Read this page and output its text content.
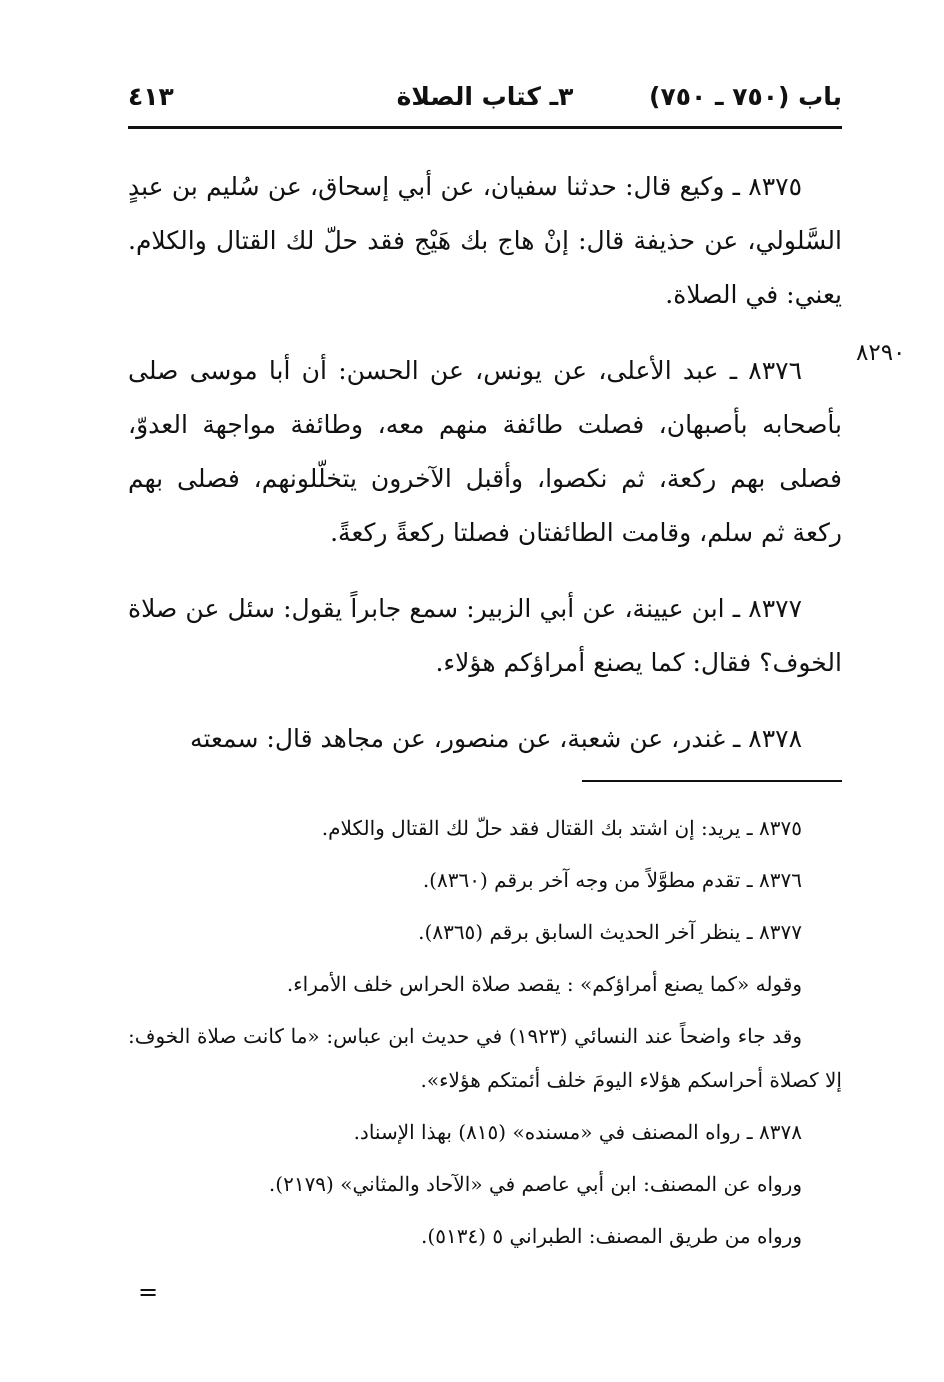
٤١٣	٣ـ كتاب الصلاة	باب (٧٥٠ ـ ٧٥٠)
٨٢٩٠

٨٣٧٥ ـ وكيع قال: حدثنا سفيان، عن أبي إسحاق، عن سُليم بن عبدٍ السَّلولي، عن حذيفة قال: إنْ هاج بك هَيْج فقد حلّ لك القتال والكلام. يعني: في الصلاة.

٨٣٧٦ ـ عبد الأعلى، عن يونس، عن الحسن: أن أبا موسى صلى بأصحابه بأصبهان، فصلت طائفة منهم معه، وطائفة مواجهة العدوّ، فصلى بهم ركعة، ثم نكصوا، وأقبل الآخرون يتخلّلونهم، فصلى بهم ركعة ثم سلم، وقامت الطائفتان فصلتا ركعةً ركعةً.

٨٣٧٧ ـ ابن عيينة، عن أبي الزبير: سمع جابراً يقول: سئل عن صلاة الخوف؟ فقال: كما يصنع أمراؤكم هؤلاء.

٨٣٧٨ ـ غندر، عن شعبة، عن منصور، عن مجاهد قال: سمعته

٨٣٧٥ ـ يريد: إن اشتد بك القتال فقد حلّ لك القتال والكلام.

٨٣٧٦ ـ تقدم مطوَّلاً من وجه آخر برقم (٨٣٦٠).

٨٣٧٧ ـ ينظر آخر الحديث السابق برقم (٨٣٦٥).

وقوله «كما يصنع أمراؤكم» : يقصد صلاة الحراس خلف الأمراء.

وقد جاء واضحاً عند النسائي (١٩٢٣) في حديث ابن عباس: «ما كانت صلاة الخوف: إلا كصلاة أحراسكم هؤلاء اليومَ خلف أئمتكم هؤلاء».

٨٣٧٨ ـ رواه المصنف في «مسنده» (٨١٥) بهذا الإسناد.

ورواه عن المصنف: ابن أبي عاصم في «الآحاد والمثاني» (٢١٧٩).

ورواه من طريق المصنف: الطبراني ٥ (٥١٣٤).

=
